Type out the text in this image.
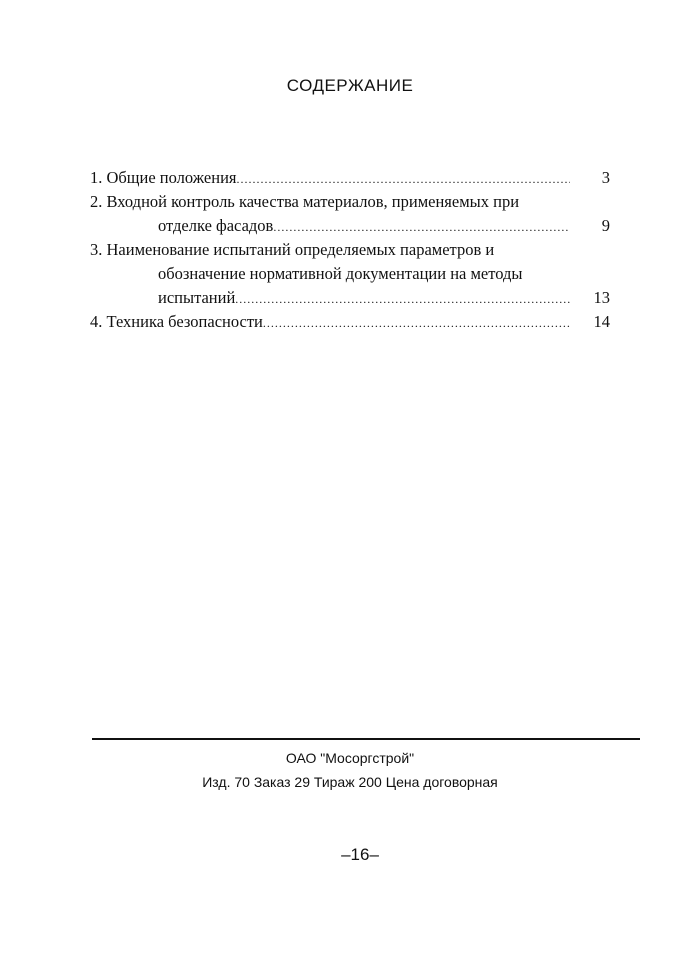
СОДЕРЖАНИЕ
1. Общие положения .....	3
2. Входной контроль качества материалов, применяемых при
отделке фасадов .....	9
3. Наименование испытаний определяемых параметров и
обозначение нормативной документации на методы
испытаний .....	13
4. Техника безопасности .....	14
ОАО "Мосоргстрой"
Изд. 70 Заказ 29 Тираж 200 Цена договорная
–16–
